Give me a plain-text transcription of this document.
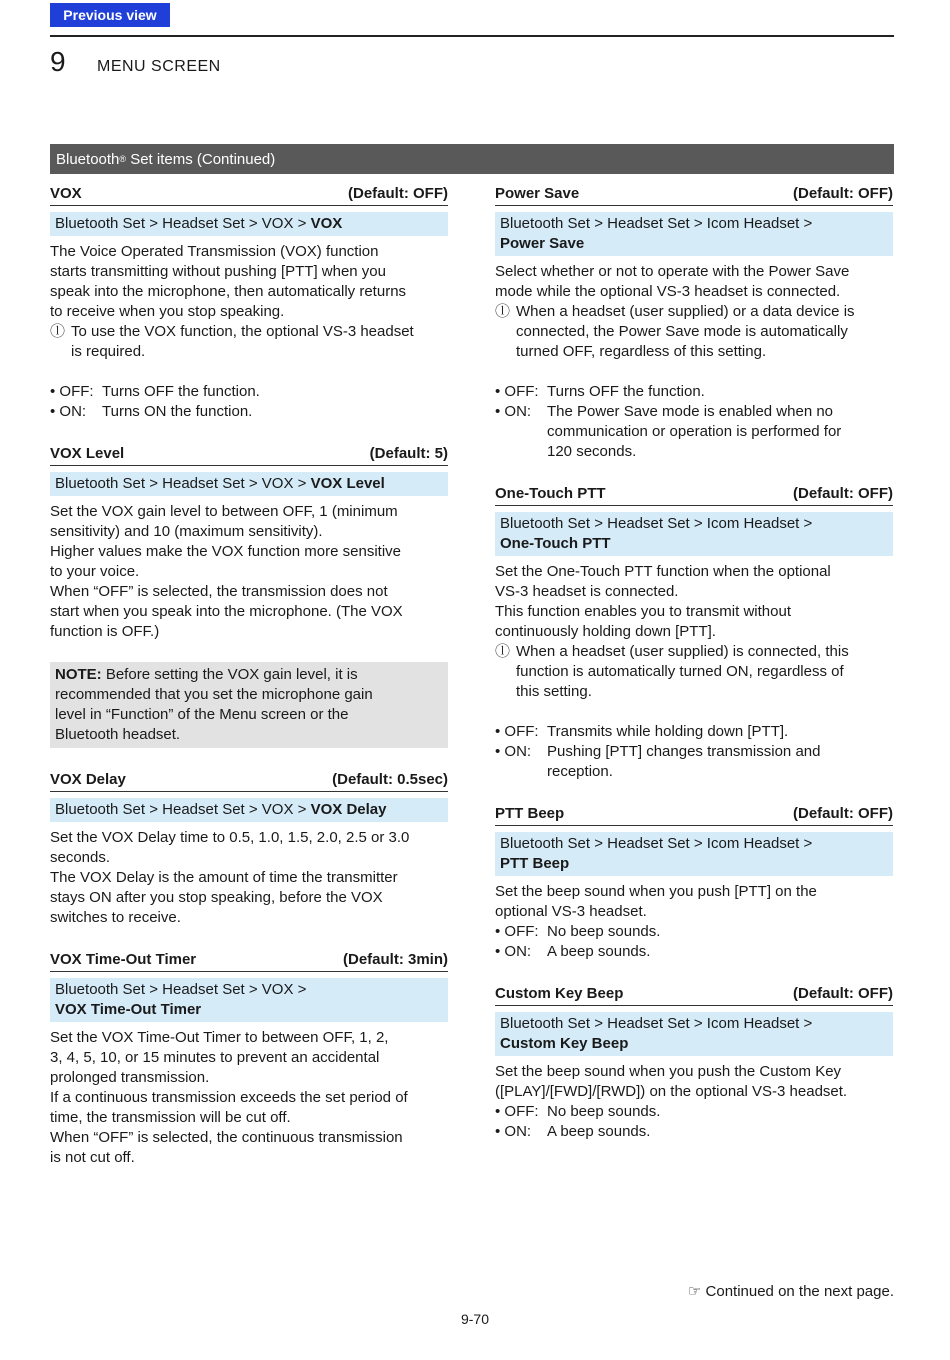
Previous view
9 MENU SCREEN
Bluetooth ® Set items (Continued)
VOX	(Default: OFF)
Bluetooth Set > Headset Set > VOX > VOX

The Voice Operated Transmission (VOX) function

starts transmitting without pushing [PTT] when you

speak into the microphone, then automatically returns

to receive when you stop speaking.

ⓛ To use the VOX function, the optional VS-3 headset

is required.

• OFF: Turns OFF the function.
• ON:	Turns ON the function.
VOX Level	(Default: 5)
Bluetooth Set > Headset Set > VOX > VOX Level

Set the VOX gain level to between OFF, 1 (minimum

sensitivity) and 10 (maximum sensitivity).

Higher values make the VOX function more sensitive

to your voice.

When “OFF” is selected, the transmission does not

start when you speak into the microphone. (The VOX

function is OFF.)

NOTE: Before setting the VOX gain level, it is
recommended that you set the microphone gain
level in “Function” of the Menu screen or the
Bluetooth headset.
VOX Delay	(Default: 0.5sec)
Bluetooth Set > Headset Set > VOX > VOX Delay

Set the VOX Delay time to 0.5, 1.0, 1.5, 2.0, 2.5 or 3.0

seconds.

The VOX Delay is the amount of time the transmitter

stays ON after you stop speaking, before the VOX

switches to receive.

VOX Time-Out Timer	(Default: 3min)
Bluetooth Set > Headset Set > VOX >
VOX Time-Out Timer

Set the VOX Time-Out Timer to between OFF, 1, 2,

3, 4, 5, 10, or 15 minutes to prevent an accidental

prolonged transmission.

If a continuous transmission exceeds the set period of

time, the transmission will be cut off.

When “OFF” is selected, the continuous transmission

is not cut off.

Power Save	(Default: OFF)
Bluetooth Set > Headset Set > Icom Headset >
Power Save

Select whether or not to operate with the Power Save

mode while the optional VS-3 headset is connected.

ⓛ When a headset (user supplied) or a data device is

connected, the Power Save mode is automatically

turned OFF, regardless of this setting.

• OFF: Turns OFF the function.
• ON:	The Power Save mode is enabled when no
communication or operation is performed for
120 seconds.
One-Touch PTT	(Default: OFF)
Bluetooth Set > Headset Set > Icom Headset >
One-Touch PTT

Set the One-Touch PTT function when the optional

VS-3 headset is connected.

This function enables you to transmit without

continuously holding down [PTT].

ⓛ When a headset (user supplied) is connected, this

function is automatically turned ON, regardless of

this setting.

• OFF: Transmits while holding down [PTT].
• ON:	Pushing [PTT] changes transmission and
reception.
PTT Beep	(Default: OFF)
Bluetooth Set > Headset Set > Icom Headset >
PTT Beep

Set the beep sound when you push [PTT] on the

optional VS-3 headset.

• OFF: No beep sounds.
• ON:	A beep sounds.
Custom Key Beep	(Default: OFF)
Bluetooth Set > Headset Set > Icom Headset >
Custom Key Beep

Set the beep sound when you push the Custom Key

([PLAY]/[FWD]/[RWD]) on the optional VS-3 headset.

• OFF: No beep sounds.
• ON:	A beep sounds.
☞ Continued on the next page.
9-70
